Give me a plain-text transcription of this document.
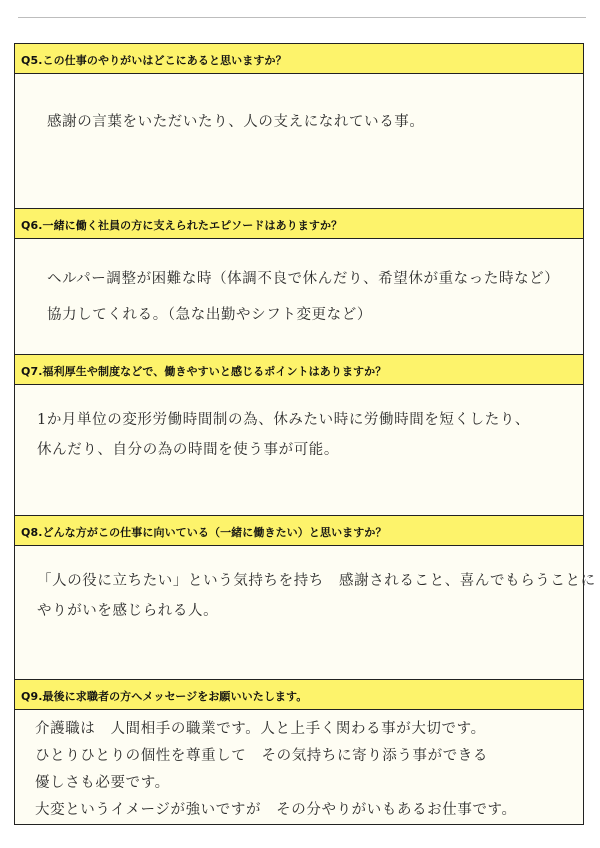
Q5.この仕事のやりがいはどこにあると思いますか？
感謝の言葉をいただいたり、人の支えになれている事。
Q6.一緒に働く社員の方に支えられたエピソードはありますか？
ヘルパー調整が困難な時（体調不良で休んだり、希望休が重なった時など）
協力してくれる。（急な出勤やシフト変更など）
Q7.福利厚生や制度などで、働きやすいと感じるポイントはありますか？
1か月単位の変形労働時間制の為、休みたい時に労働時間を短くしたり、
休んだり、自分の為の時間を使う事が可能。
Q8.どんな方がこの仕事に向いている（一緒に働きたい）と思いますか？
「人の役に立ちたい」という気持ちを持ち　感謝されること、喜んでもらうことに
やりがいを感じられる人。
Q9.最後に求職者の方へメッセージをお願いいたします。
介護職は　人間相手の職業です。人と上手く関わる事が大切です。
ひとりひとりの個性を尊重して　その気持ちに寄り添う事ができる
優しさも必要です。
大変というイメージが強いですが　その分やりがいもあるお仕事です。
